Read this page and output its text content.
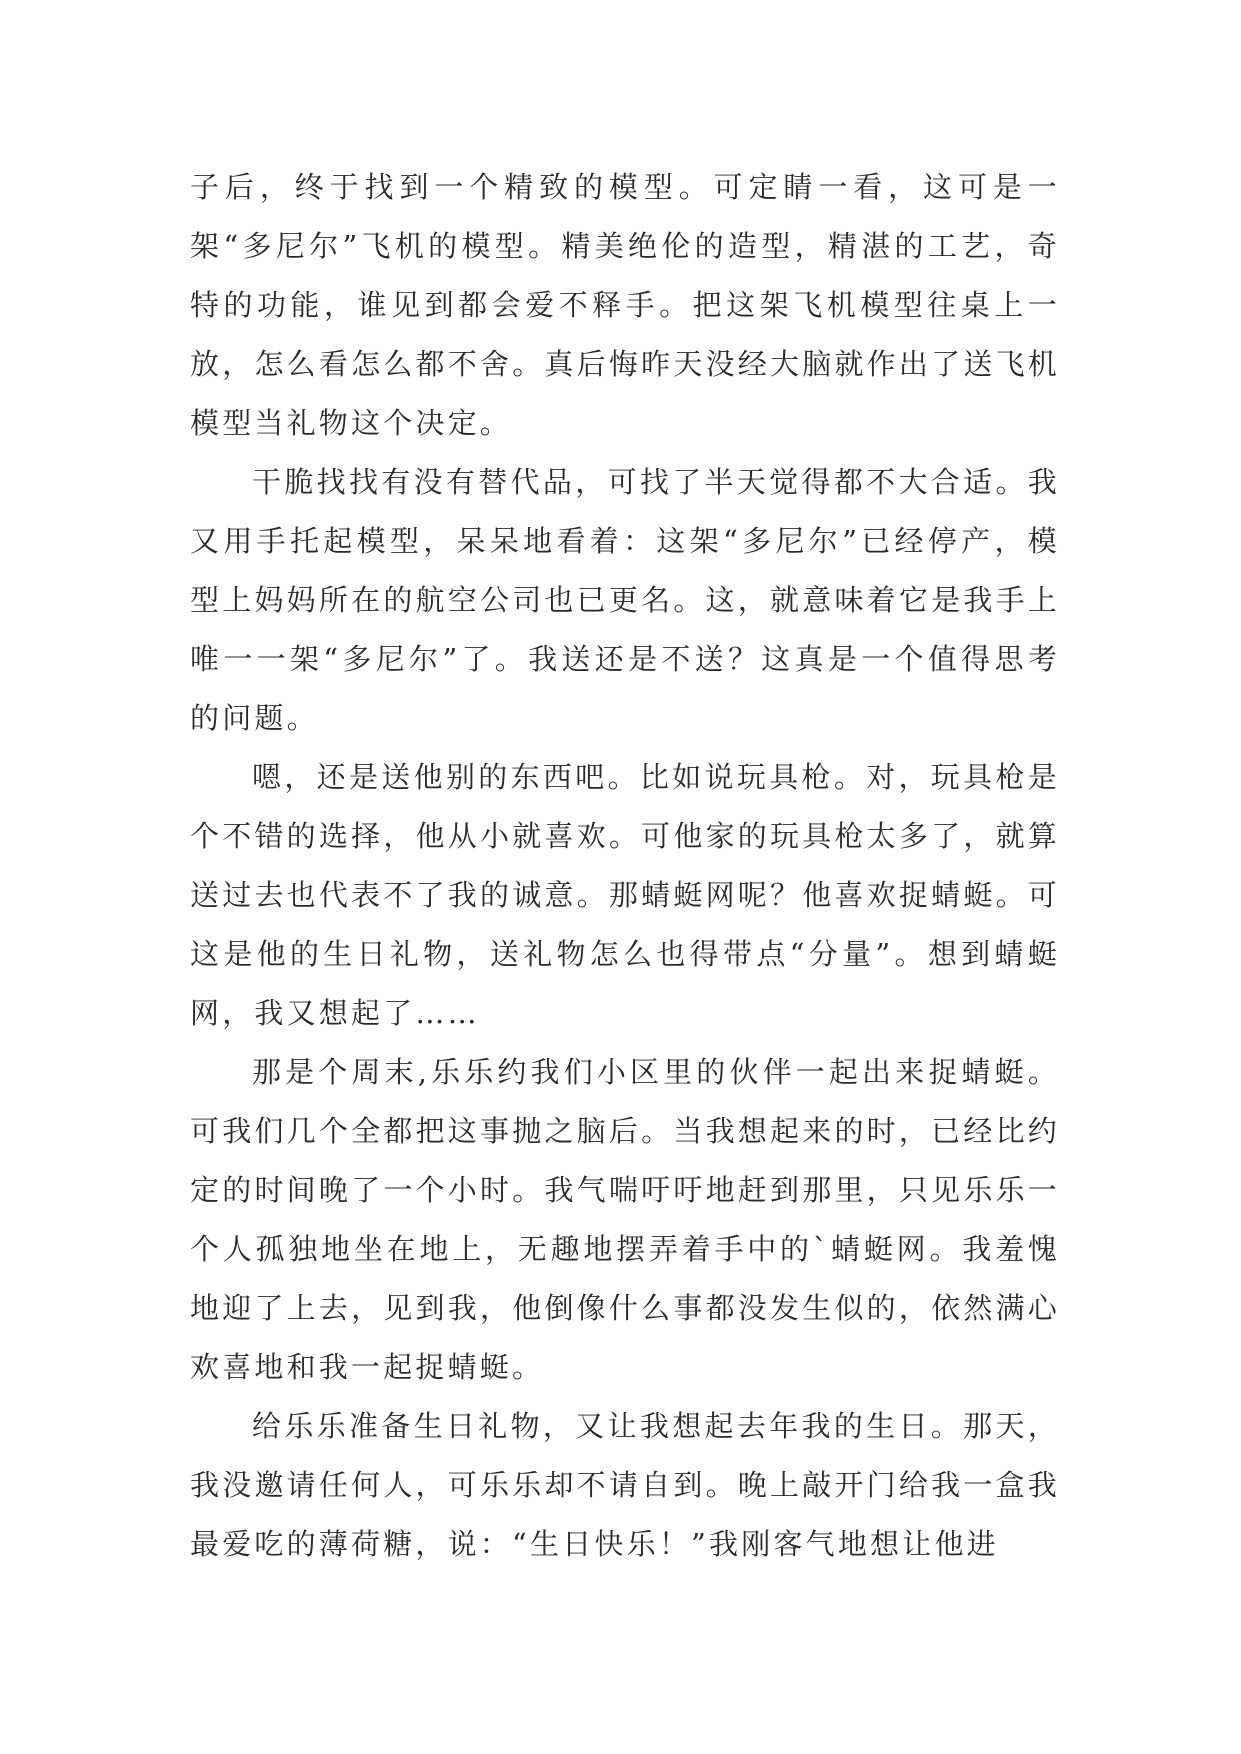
子后，终于找到一个精致的模型。可定睛一看，这可是一架“多尼尔”飞机的模型。精美绝伦的造型，精湛的工艺，奇特的功能，谁见到都会爱不释手。把这架飞机模型往桌上一放，怎么看怎么都不舍。真后悔昨天没经大脑就作出了送飞机模型当礼物这个决定。

干脆找找有没有替代品，可找了半天觉得都不大合适。我又用手托起模型，呆呆地看着：这架“多尼尔”已经停产，模型上妈妈所在的航空公司也已更名。这，就意味着它是我手上唯一一架“多尼尔”了。我送还是不送？这真是一个值得思考的问题。

嗯，还是送他别的东西吧。比如说玩具枪。对，玩具枪是个不错的选择，他从小就喜欢。可他家的玩具枪太多了，就算送过去也代表不了我的诚意。那蜻蜓网呢？他喜欢捉蜻蜓。可这是他的生日礼物，送礼物怎么也得带点“分量”。想到蜻蜓网，我又想起了……

那是个周末,乐乐约我们小区里的伙伴一起出来捉蜻蜓。可我们几个全都把这事抛之脑后。当我想起来的时，已经比约定的时间晚了一个小时。我气喘吁吁地赶到那里，只见乐乐一个人孤独地坐在地上，无趣地摆弄着手中的`蜻蜓网。我羞愧地迎了上去，见到我，他倒像什么事都没发生似的，依然满心欢喜地和我一起捉蜻蜓。

给乐乐准备生日礼物，又让我想起去年我的生日。那天，我没邀请任何人，可乐乐却不请自到。晚上敲开门给我一盒我最爱吃的薄荷糖，说：“生日快乐！”我刚客气地想让他进
